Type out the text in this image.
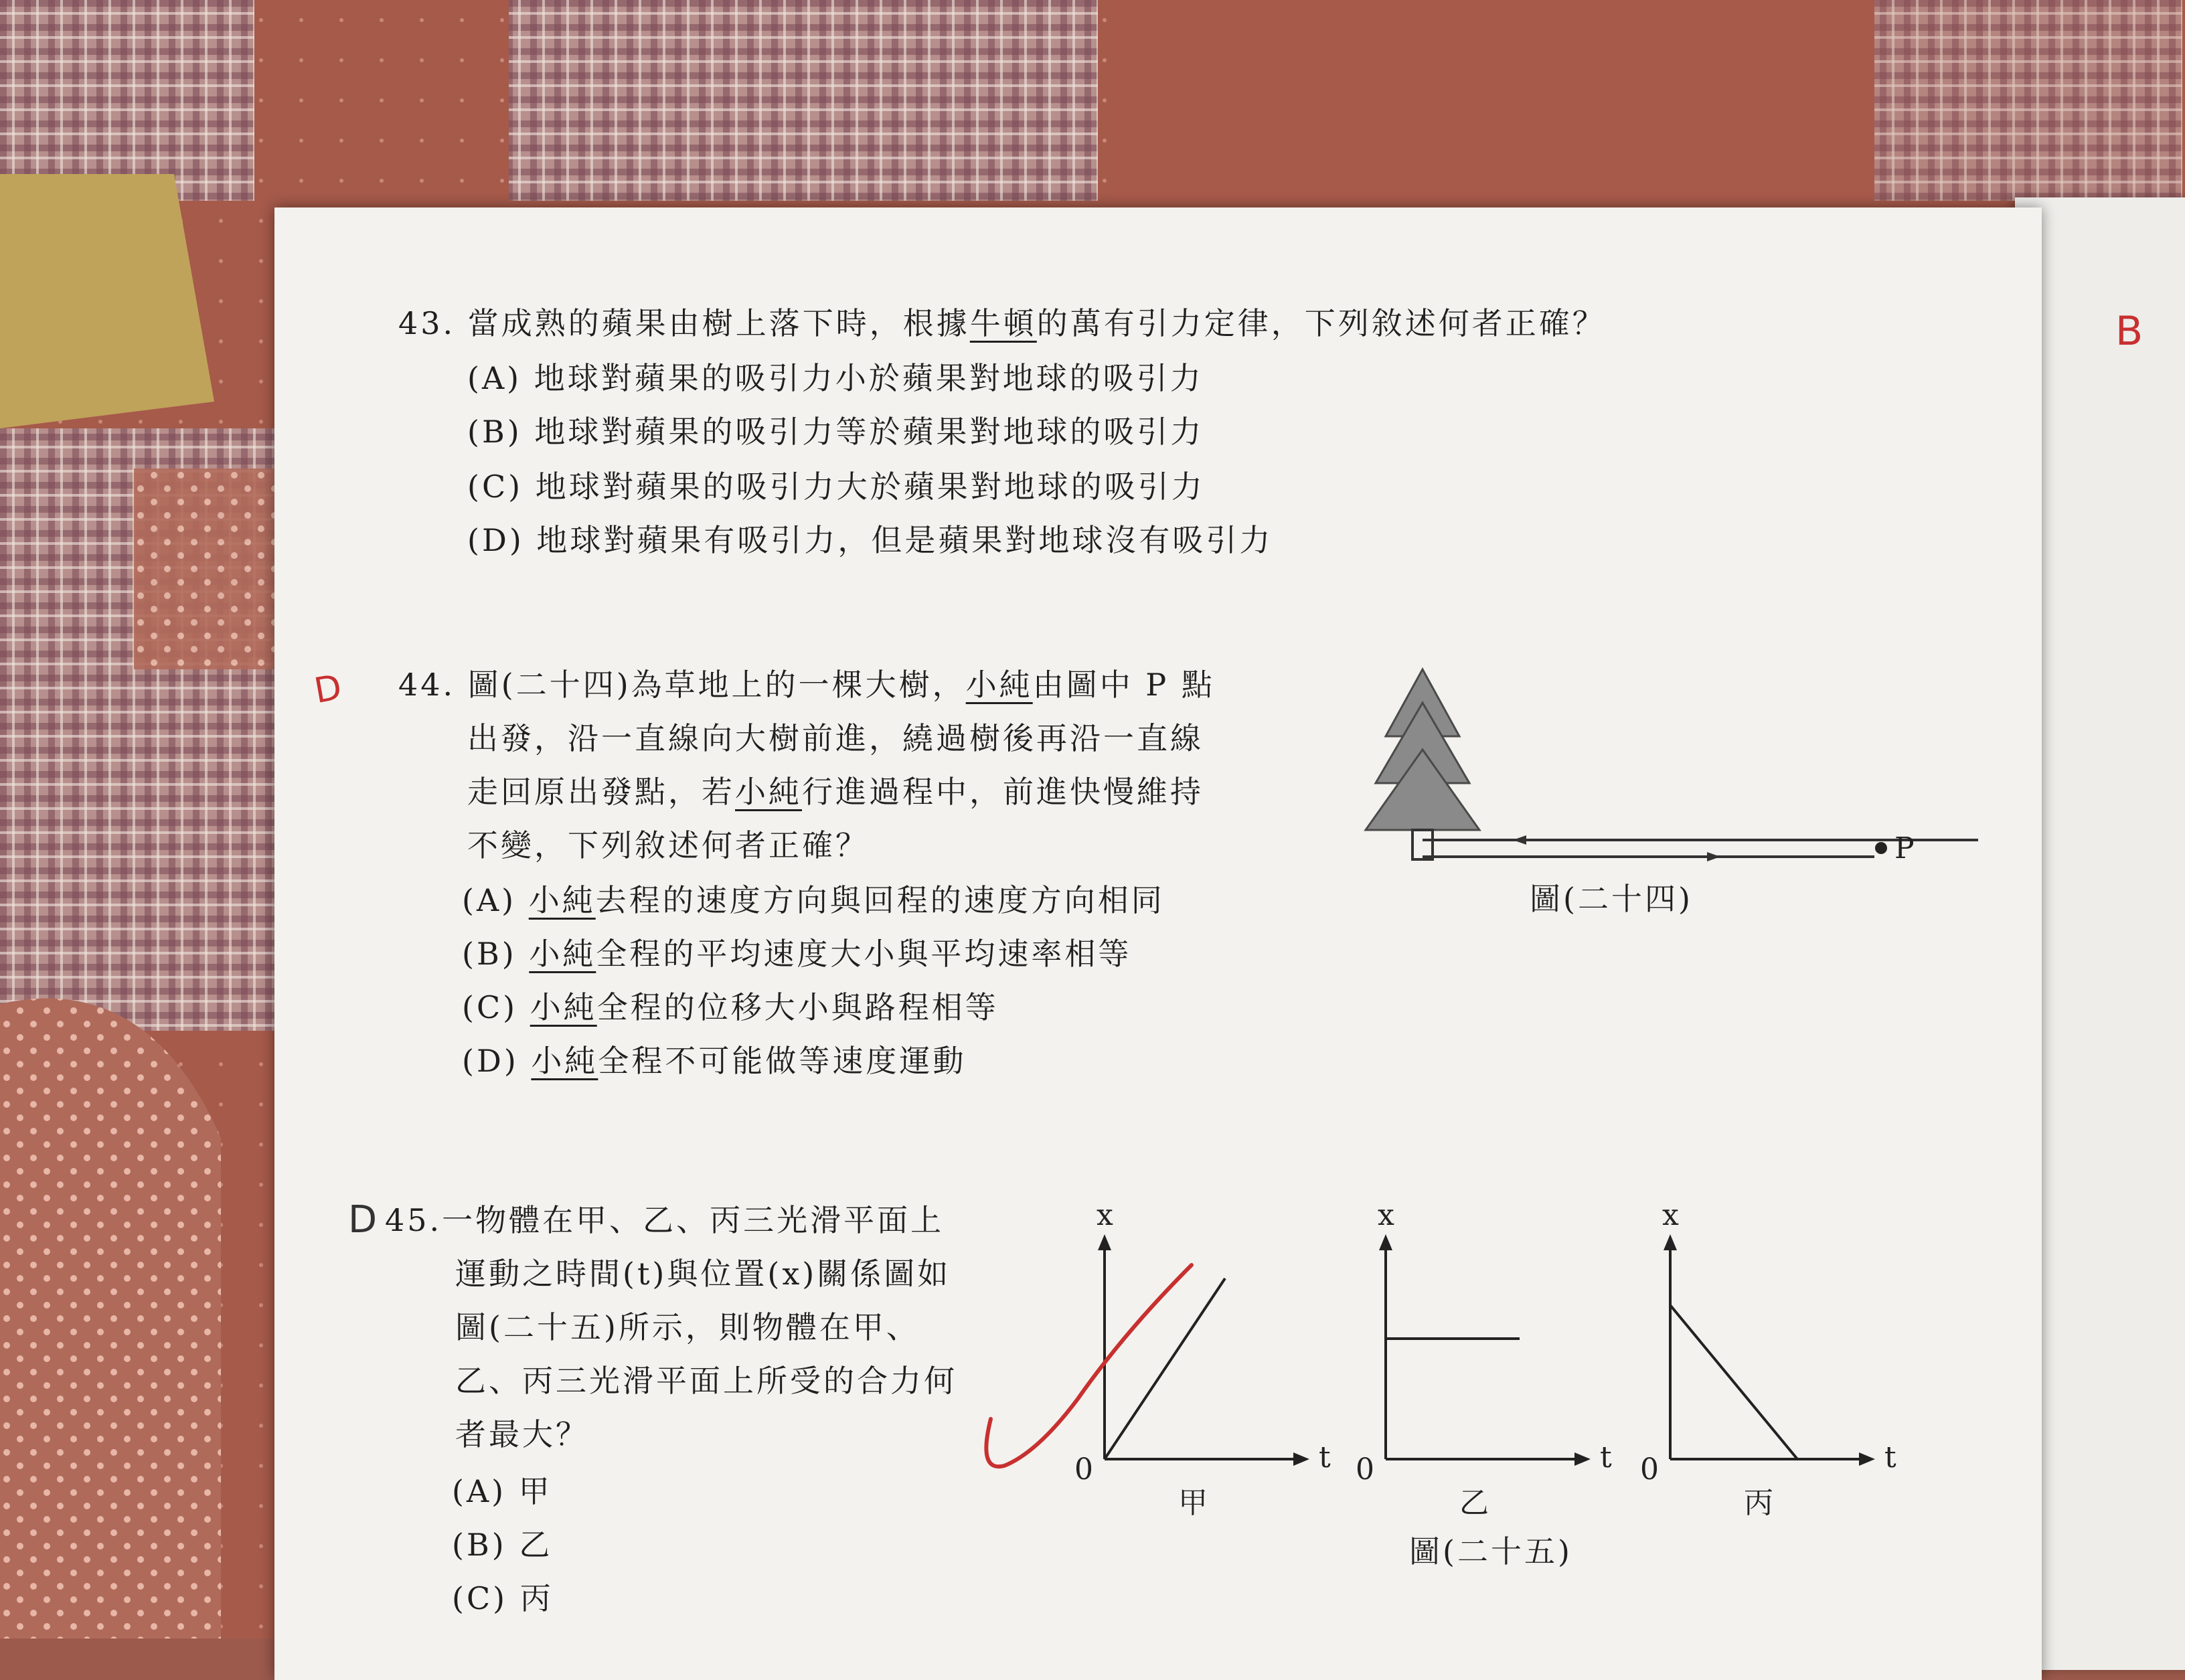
43. 當成熟的蘋果由樹上落下時，根據牛頓的萬有引力定律，下列敘述何者正確？
(A) 地球對蘋果的吸引力小於蘋果對地球的吸引力
(B) 地球對蘋果的吸引力等於蘋果對地球的吸引力
(C) 地球對蘋果的吸引力大於蘋果對地球的吸引力
(D) 地球對蘋果有吸引力，但是蘋果對地球沒有吸引力
44. 圖(二十四)為草地上的一棵大樹，小純由圖中 P 點
出發，沿一直線向大樹前進，繞過樹後再沿一直線
走回原出發點，若小純行進過程中，前進快慢維持
不變，下列敘述何者正確？
(A) 小純去程的速度方向與回程的速度方向相同
(B) 小純全程的平均速度大小與平均速率相等
(C) 小純全程的位移大小與路程相等
(D) 小純全程不可能做等速度運動
P
圖(二十四)
45.一物體在甲、乙、丙三光滑平面上
運動之時間(t)與位置(x)關係圖如
圖(二十五)所示，則物體在甲、
乙、丙三光滑平面上所受的合力何
者最大？
(A) 甲
(B) 乙
(C) 丙
x
t
0
甲
x
t
0
乙
x
t
0
丙
圖(二十五)
D
D
B
